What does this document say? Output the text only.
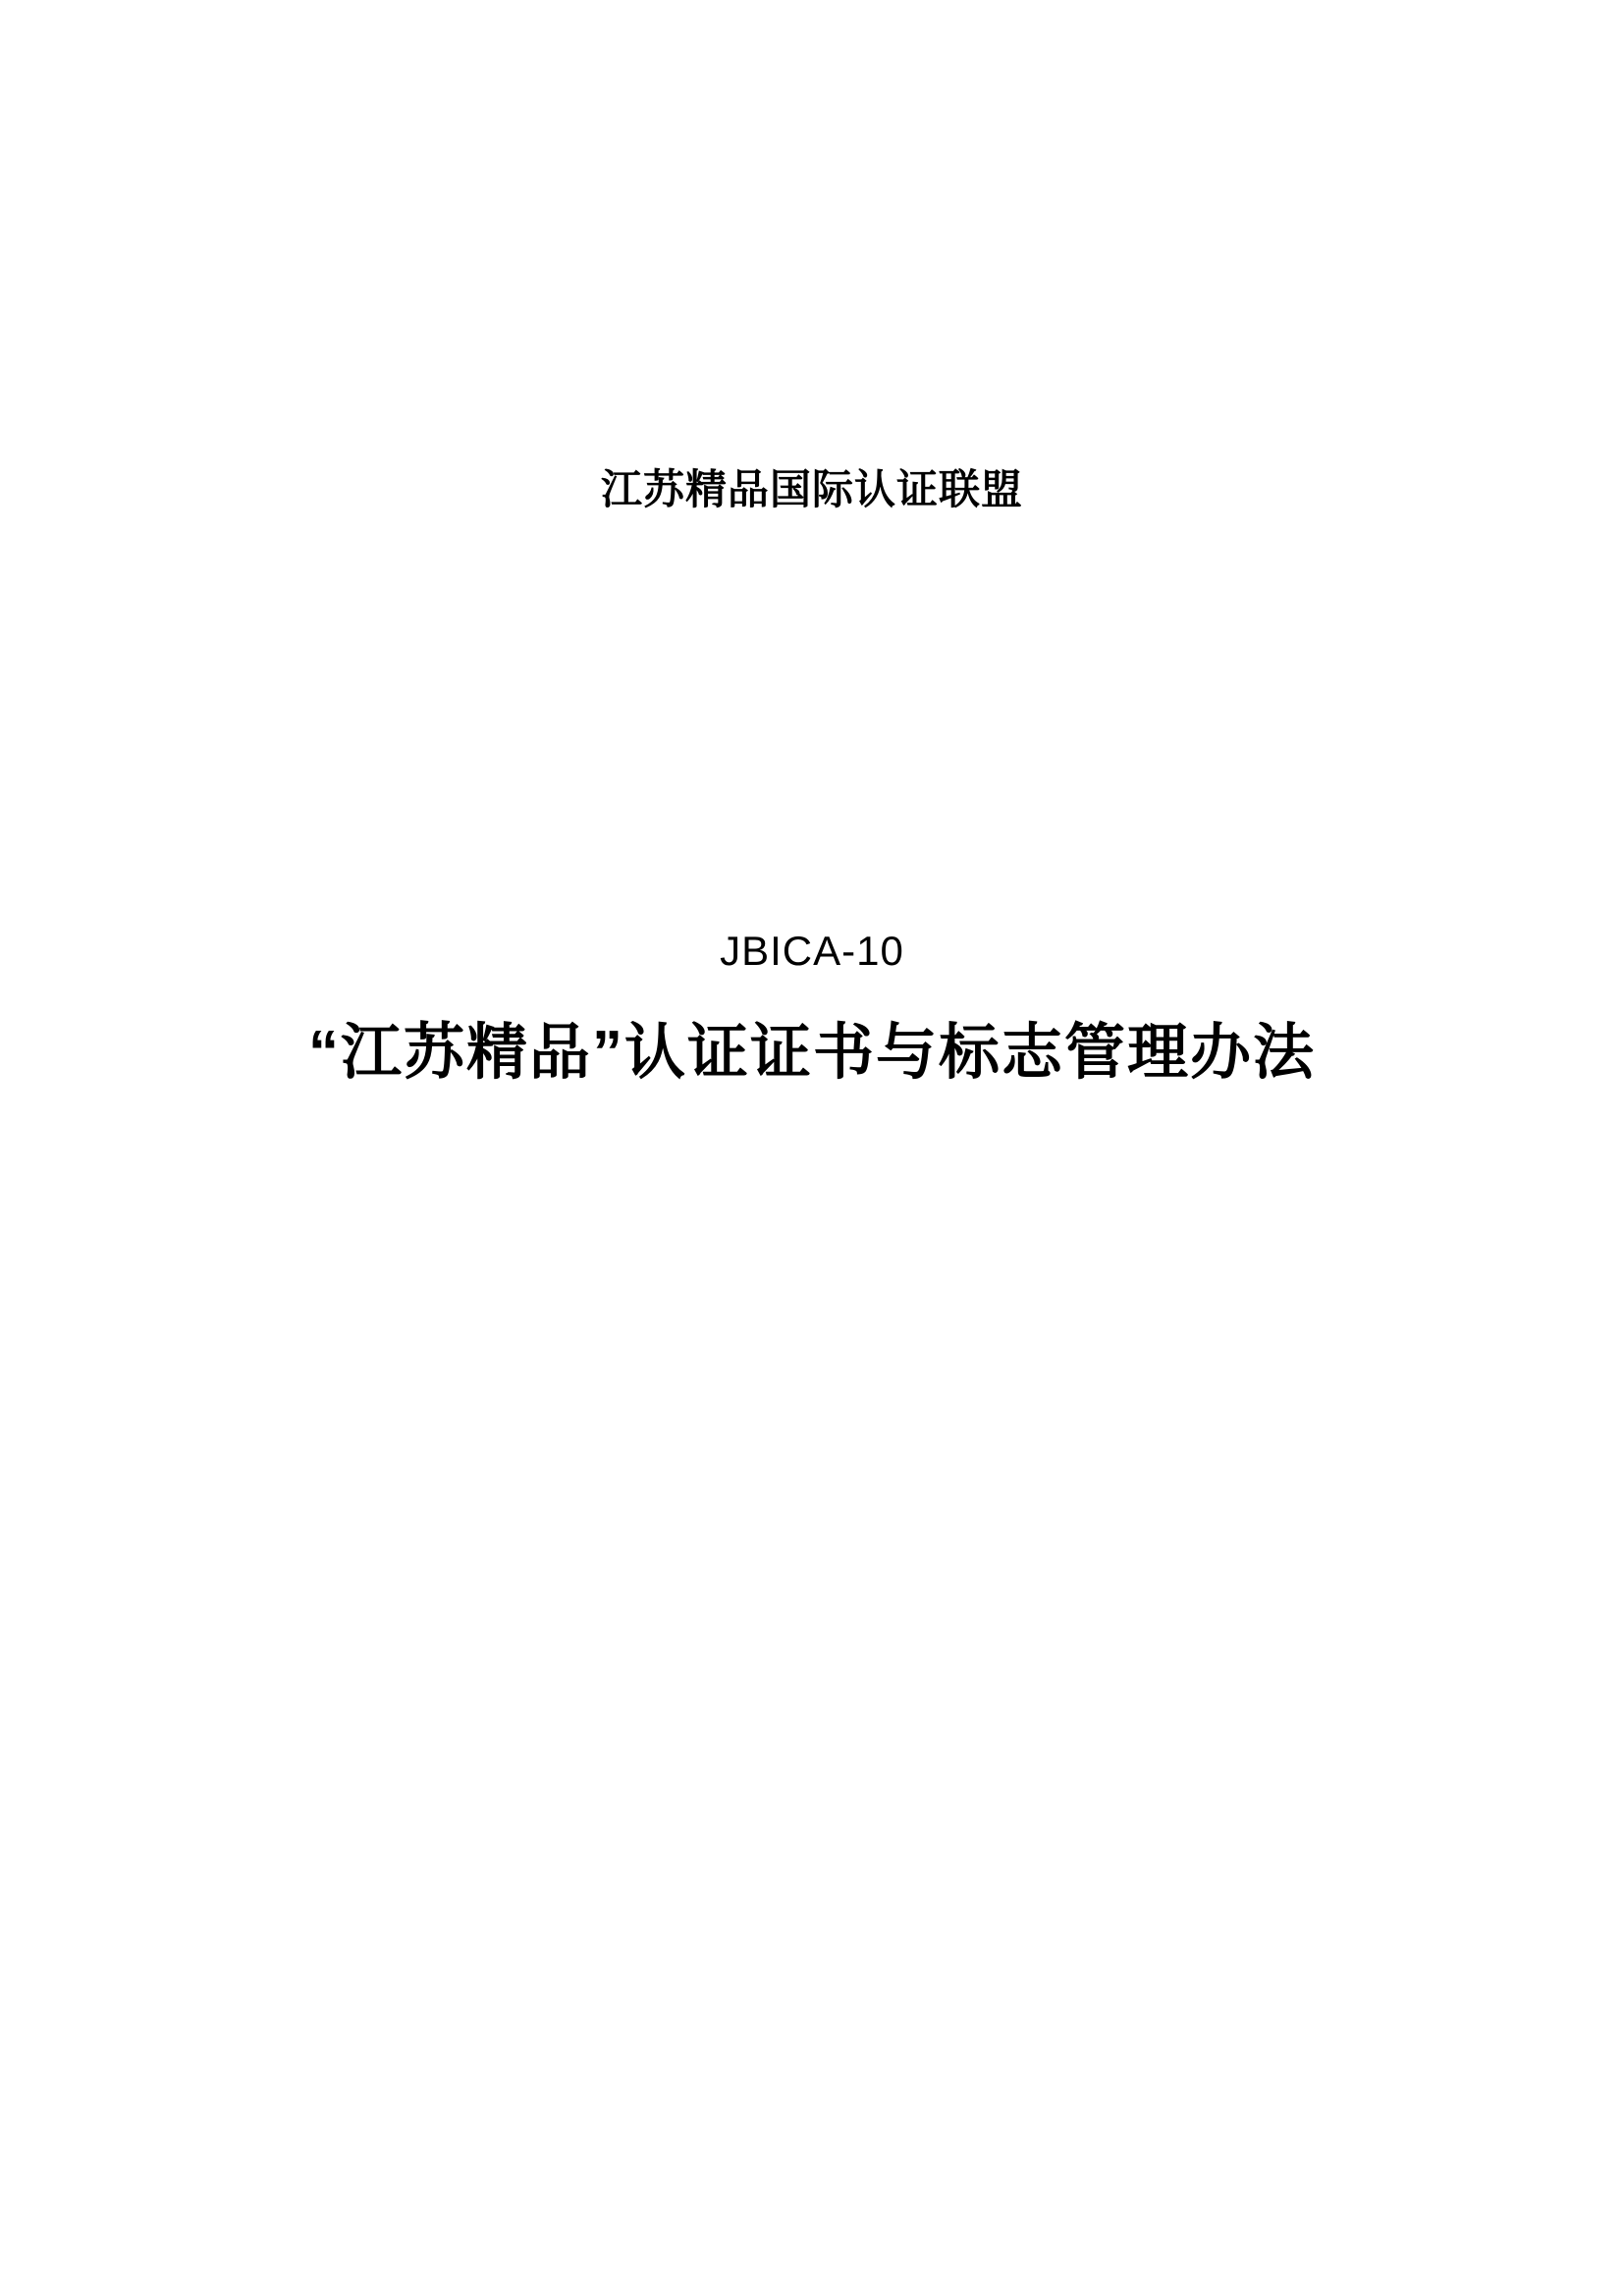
江苏精品国际认证联盟
JBICA-10
“江苏精品”认证证书与标志管理办法
